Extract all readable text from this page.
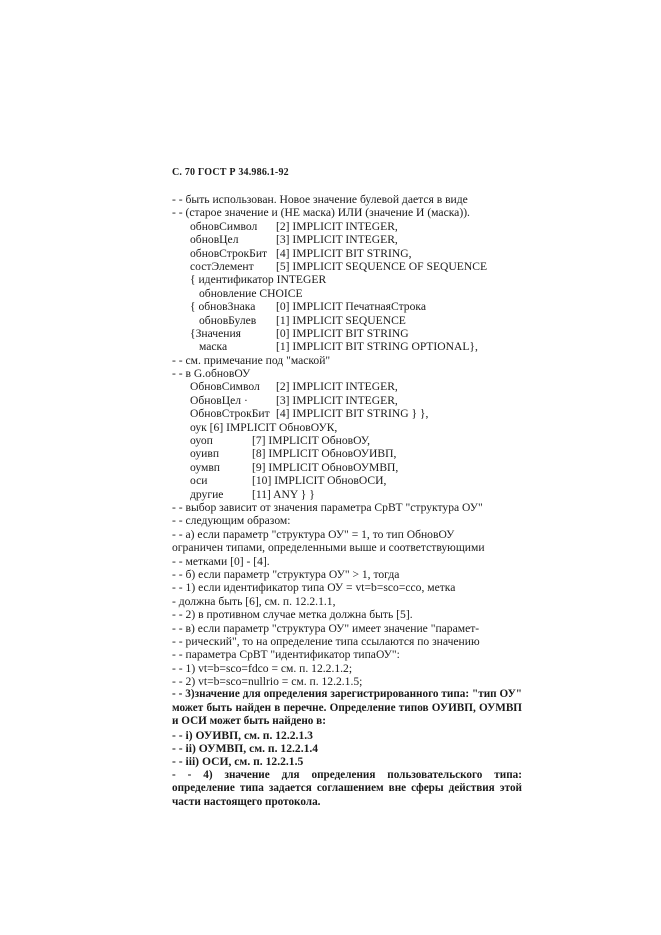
С. 70 ГОСТ Р 34.986.1-92
- - быть использован. Новое значение булевой дается в виде
- - (старое значение и (НЕ маска) ИЛИ (значение И (маска)).
обновСимвол	[2] IMPLICIT INTEGER,
обновЦел	[3] IMPLICIT INTEGER,
обновСтрокБит [4] IMPLICIT BIT STRING,
состЭлемент	[5] IMPLICIT SEQUENCE OF SEQUENCE
{ идентификатор INTEGER
обновление CHOICE
{ обновЗнака	[0] IMPLICIT ПечатнаяСтрока
обновБулев	[1] IMPLICIT SEQUENCE
{Значения	[0] IMPLICIT BIT STRING
маска	[1] IMPLICIT BIT STRING OPTIONAL},
- - см. примечание под "маской"
- - в G.обновОУ
ОбновСимвол	[2] IMPLICIT INTEGER,
ОбновЦел ·	[3] IMPLICIT INTEGER,
ОбновСтрокБит [4] IMPLICIT BIT STRING } },
оук [6] IMPLICIT ОбновОУК,
оуоп	[7] IMPLICIT ОбновОУ,
оуивп	[8] IMPLICIT ОбновОУИВП,
оумвп	[9] IMPLICIT ОбновОУМВП,
оси	[10] IMPLICIT ОбновОСИ,
другие	[11] ANY } }
- - выбор зависит от значения параметра СрВТ "структура ОУ"
- - следующим образом:
- - а) если параметр "структура ОУ" = 1, то тип ОбновОУ
ограничен типами, определенными выше и соответствующими
- - метками [0] - [4].
- - б) если параметр "структура ОУ" > 1, тогда
- - 1) если идентификатор типа ОУ = vt=b=sco=cco, метка
- должна быть [6], см. п. 12.2.1.1,
- - 2) в противном случае метка должна быть [5].
- - в) если параметр "структура ОУ" имеет значение "парамет-
- - рический", то на определение типа ссылаются по значению
- - параметра СрВТ "идентификатор типаОУ":
- - 1) vt=b=sco=fdco = см. п. 12.2.1.2;
- - 2) vt=b=sco=nullrio = см. п. 12.2.1.5;
- - 3)значение для определения зарегистрированного типа: "тип ОУ" может быть найден в перечне. Определение типов ОУИВП, ОУМВП и ОСИ может быть найдено в:
- - i) ОУИВП, см. п. 12.2.1.3
- - ii) ОУМВП, см. п. 12.2.1.4
- - iii) ОСИ, см. п. 12.2.1.5
- - 4) значение для определения пользовательского типа: определение типа задается соглашением вне сферы действия этой части настоящего протокола.
